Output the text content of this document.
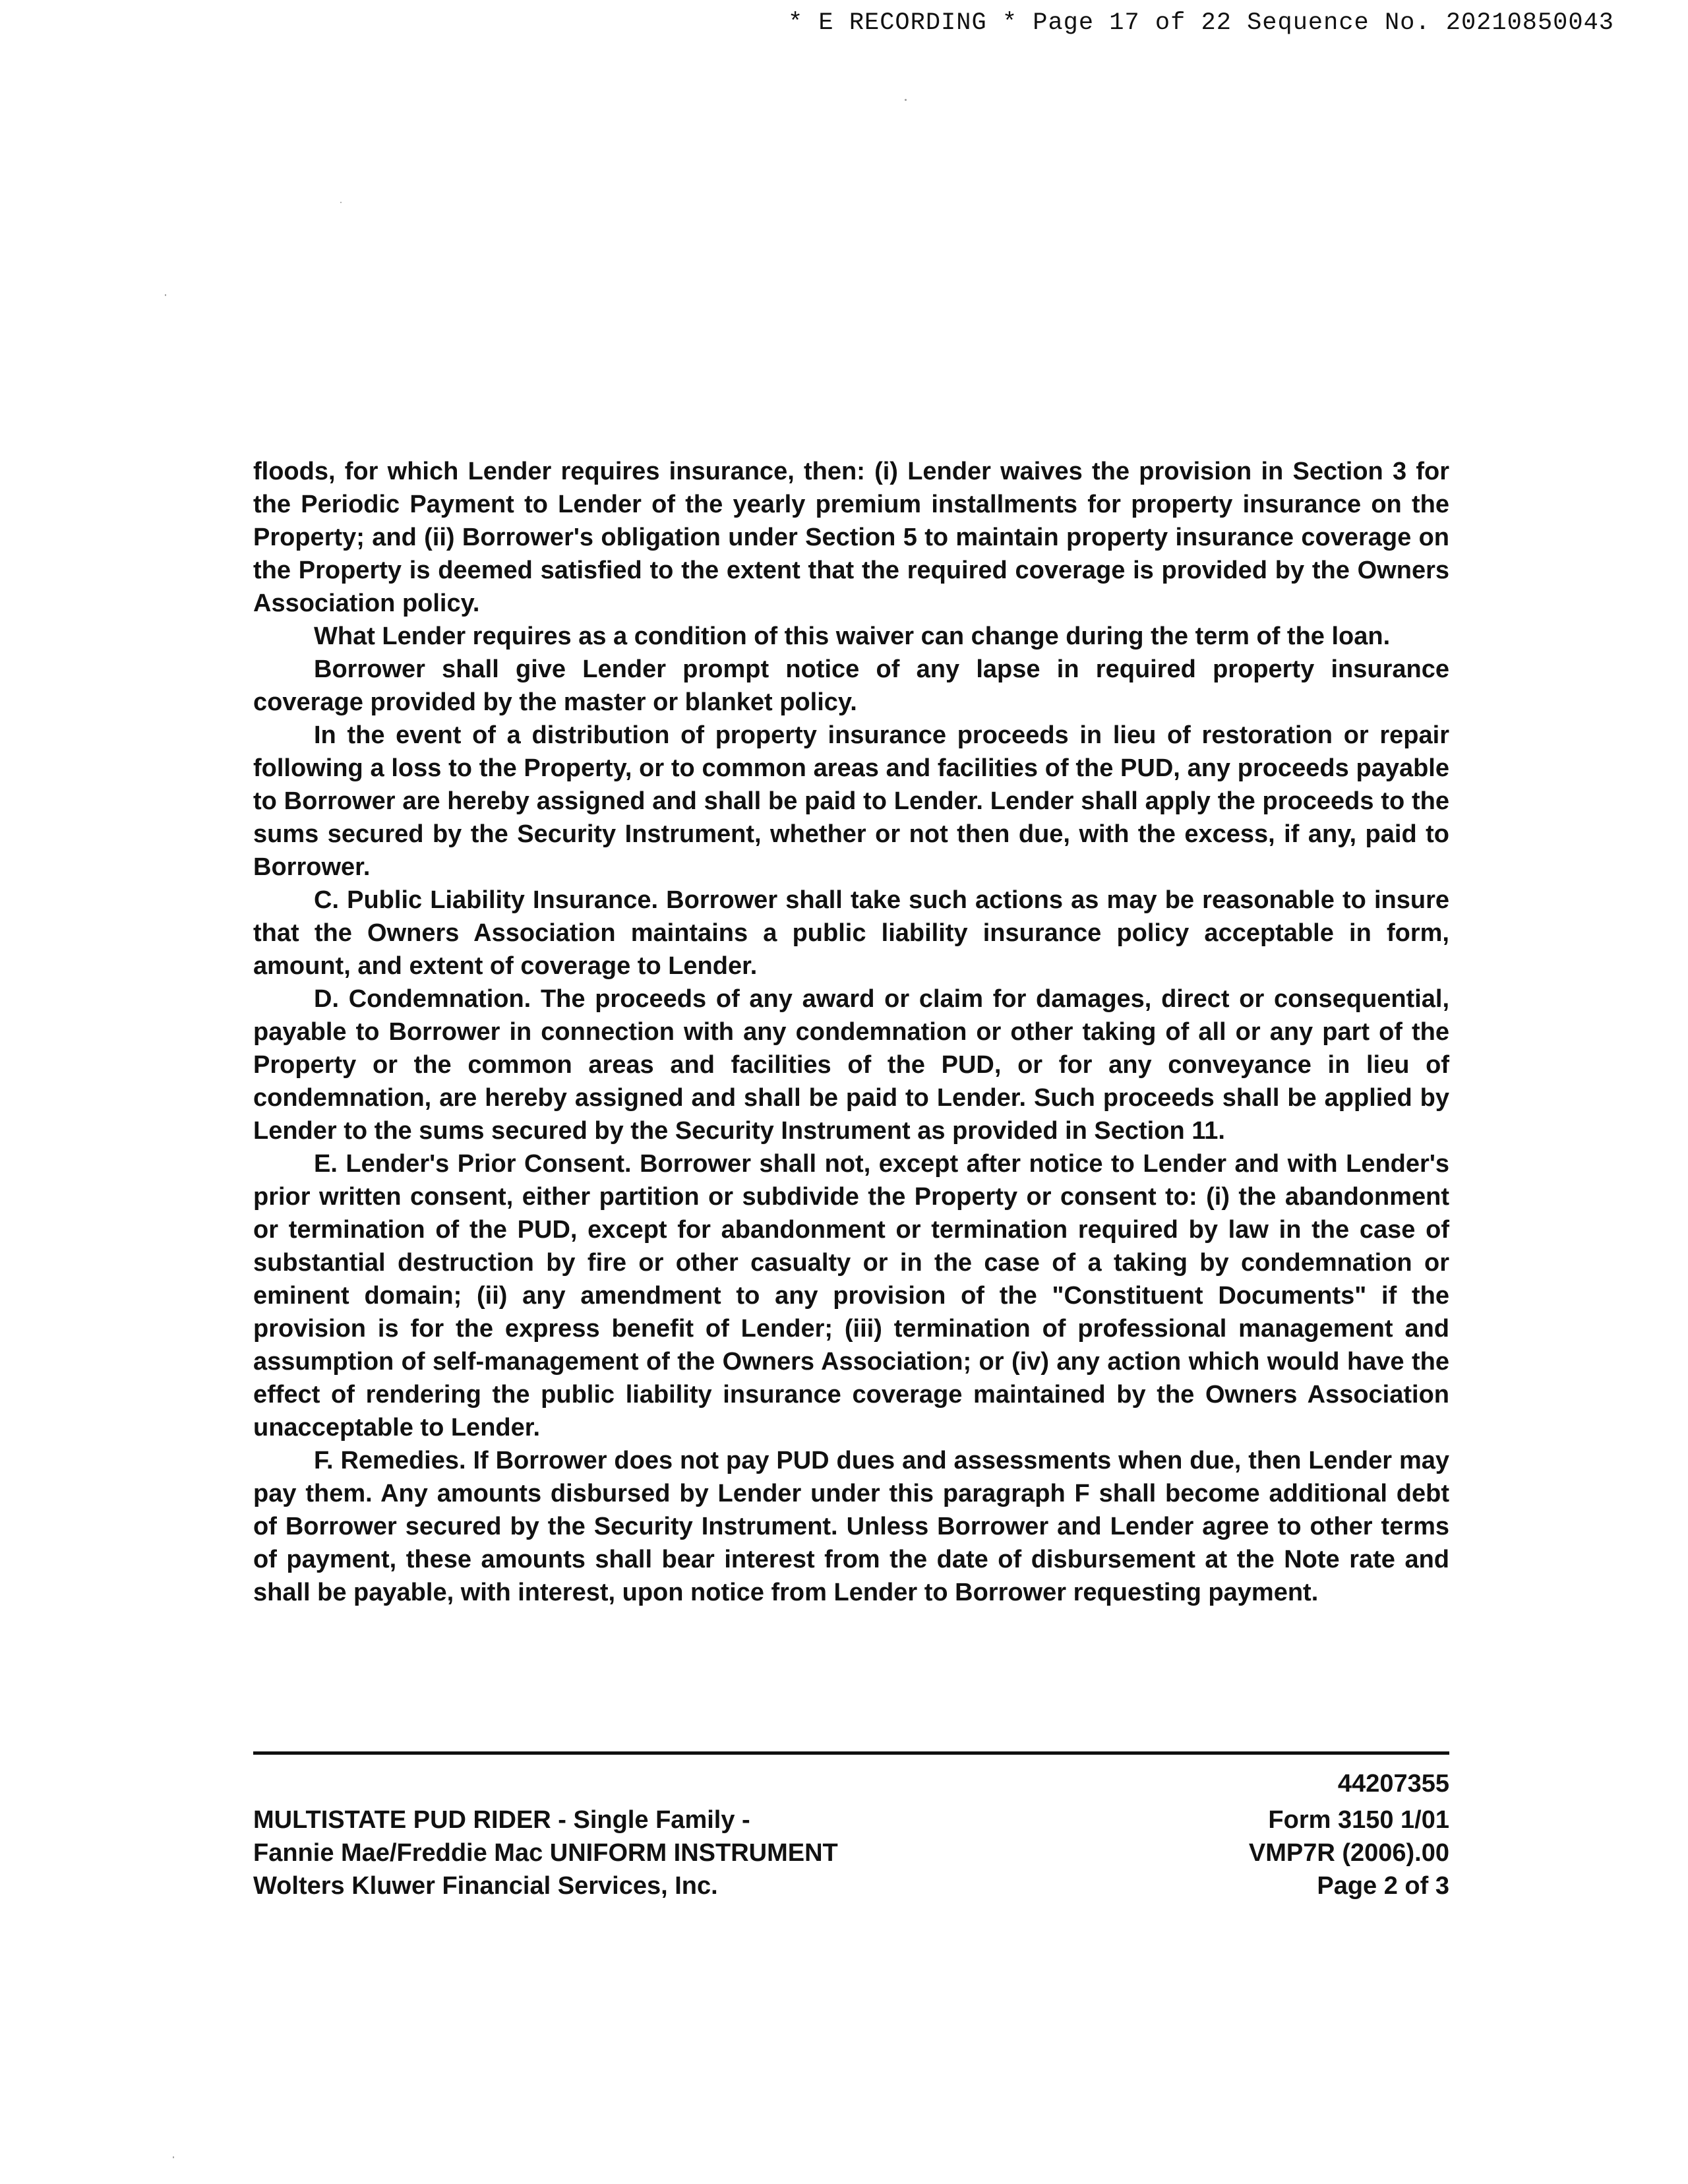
* E RECORDING * Page 17 of 22 Sequence No. 20210850043

floods, for which Lender requires insurance, then: (i) Lender waives the provision in Section 3 for the Periodic Payment to Lender of the yearly premium installments for property insurance on the Property; and (ii) Borrower's obligation under Section 5 to maintain property insurance coverage on the Property is deemed satisfied to the extent that the required coverage is provided by the Owners Association policy.

What Lender requires as a condition of this waiver can change during the term of the loan.

Borrower shall give Lender prompt notice of any lapse in required property insurance coverage provided by the master or blanket policy.

In the event of a distribution of property insurance proceeds in lieu of restoration or repair following a loss to the Property, or to common areas and facilities of the PUD, any proceeds payable to Borrower are hereby assigned and shall be paid to Lender. Lender shall apply the proceeds to the sums secured by the Security Instrument, whether or not then due, with the excess, if any, paid to Borrower.

C. Public Liability Insurance. Borrower shall take such actions as may be reasonable to insure that the Owners Association maintains a public liability insurance policy acceptable in form, amount, and extent of coverage to Lender.

D. Condemnation. The proceeds of any award or claim for damages, direct or consequential, payable to Borrower in connection with any condemnation or other taking of all or any part of the Property or the common areas and facilities of the PUD, or for any conveyance in lieu of condemnation, are hereby assigned and shall be paid to Lender. Such proceeds shall be applied by Lender to the sums secured by the Security Instrument as provided in Section 11.

E. Lender's Prior Consent. Borrower shall not, except after notice to Lender and with Lender's prior written consent, either partition or subdivide the Property or consent to: (i) the abandonment or termination of the PUD, except for abandonment or termination required by law in the case of substantial destruction by fire or other casualty or in the case of a taking by condemnation or eminent domain; (ii) any amendment to any provision of the "Constituent Documents" if the provision is for the express benefit of Lender; (iii) termination of professional management and assumption of self-management of the Owners Association; or (iv) any action which would have the effect of rendering the public liability insurance coverage maintained by the Owners Association unacceptable to Lender.

F. Remedies. If Borrower does not pay PUD dues and assessments when due, then Lender may pay them. Any amounts disbursed by Lender under this paragraph F shall become additional debt of Borrower secured by the Security Instrument. Unless Borrower and Lender agree to other terms of payment, these amounts shall bear interest from the date of disbursement at the Note rate and shall be payable, with interest, upon notice from Lender to Borrower requesting payment.

MULTISTATE PUD RIDER - Single Family -
Fannie Mae/Freddie Mac UNIFORM INSTRUMENT
Wolters Kluwer Financial Services, Inc.
44207355
Form 3150 1/01
VMP7R (2006).00
Page 2 of 3
